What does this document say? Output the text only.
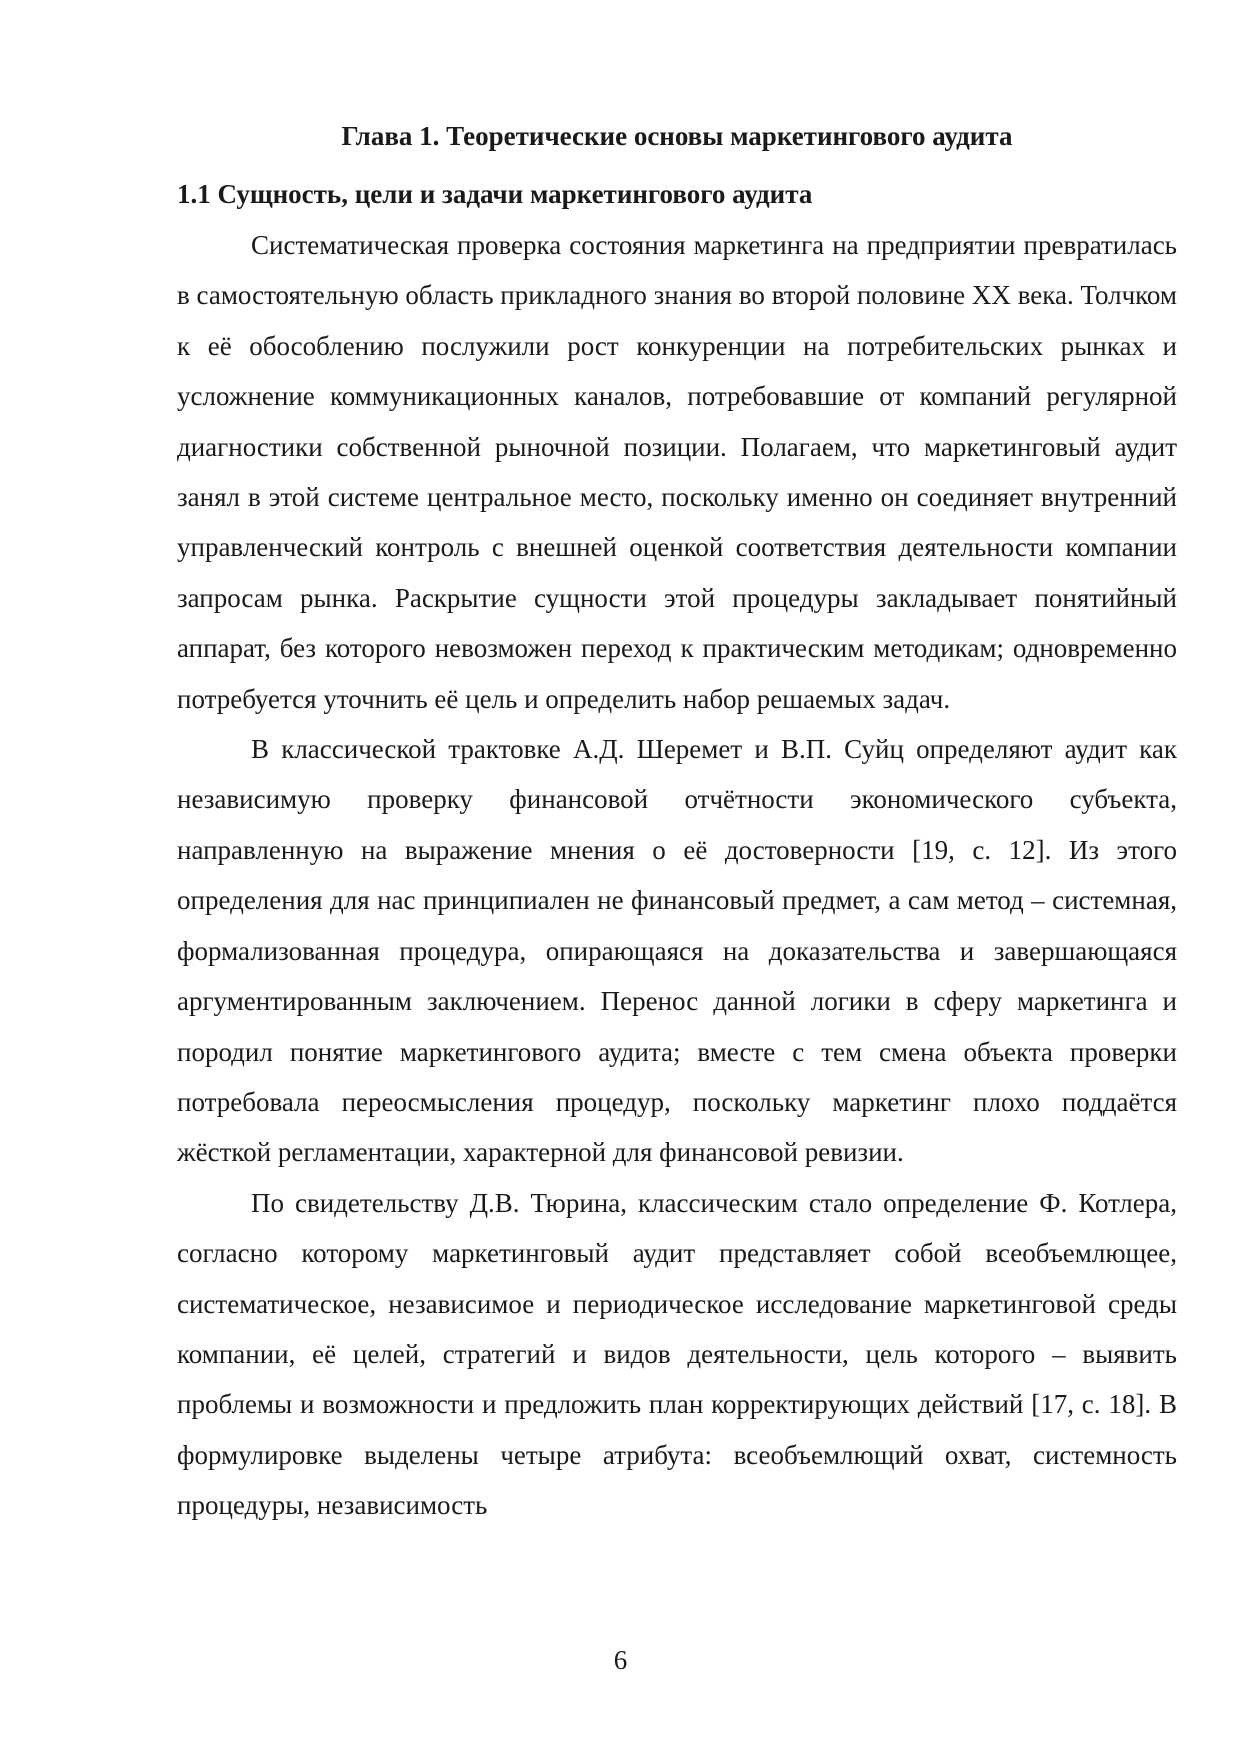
Глава 1. Теоретические основы маркетингового аудита
1.1 Сущность, цели и задачи маркетингового аудита

Систематическая проверка состояния маркетинга на предприятии превратилась в самостоятельную область прикладного знания во второй половине XX века. Толчком к её обособлению послужили рост конкуренции на потребительских рынках и усложнение коммуникационных каналов, потребовавшие от компаний регулярной диагностики собственной рыночной позиции. Полагаем, что маркетинговый аудит занял в этой системе центральное место, поскольку именно он соединяет внутренний управленческий контроль с внешней оценкой соответствия деятельности компании запросам рынка. Раскрытие сущности этой процедуры закладывает понятийный аппарат, без которого невозможен переход к практическим методикам; одновременно потребуется уточнить её цель и определить набор решаемых задач.

В классической трактовке А.Д. Шеремет и В.П. Суйц определяют аудит как независимую проверку финансовой отчётности экономического субъекта, направленную на выражение мнения о её достоверности [19, с. 12]. Из этого определения для нас принципиален не финансовый предмет, а сам метод – системная, формализованная процедура, опирающаяся на доказательства и завершающаяся аргументированным заключением. Перенос данной логики в сферу маркетинга и породил понятие маркетингового аудита; вместе с тем смена объекта проверки потребовала переосмысления процедур, поскольку маркетинг плохо поддаётся жёсткой регламентации, характерной для финансовой ревизии.

По свидетельству Д.В. Тюрина, классическим стало определение Ф. Котлера, согласно которому маркетинговый аудит представляет собой всеобъемлющее, систематическое, независимое и периодическое исследование маркетинговой среды компании, её целей, стратегий и видов деятельности, цель которого – выявить проблемы и возможности и предложить план корректирующих действий [17, с. 18]. В формулировке выделены четыре атрибута: всеобъемлющий охват, системность процедуры, независимость

6
